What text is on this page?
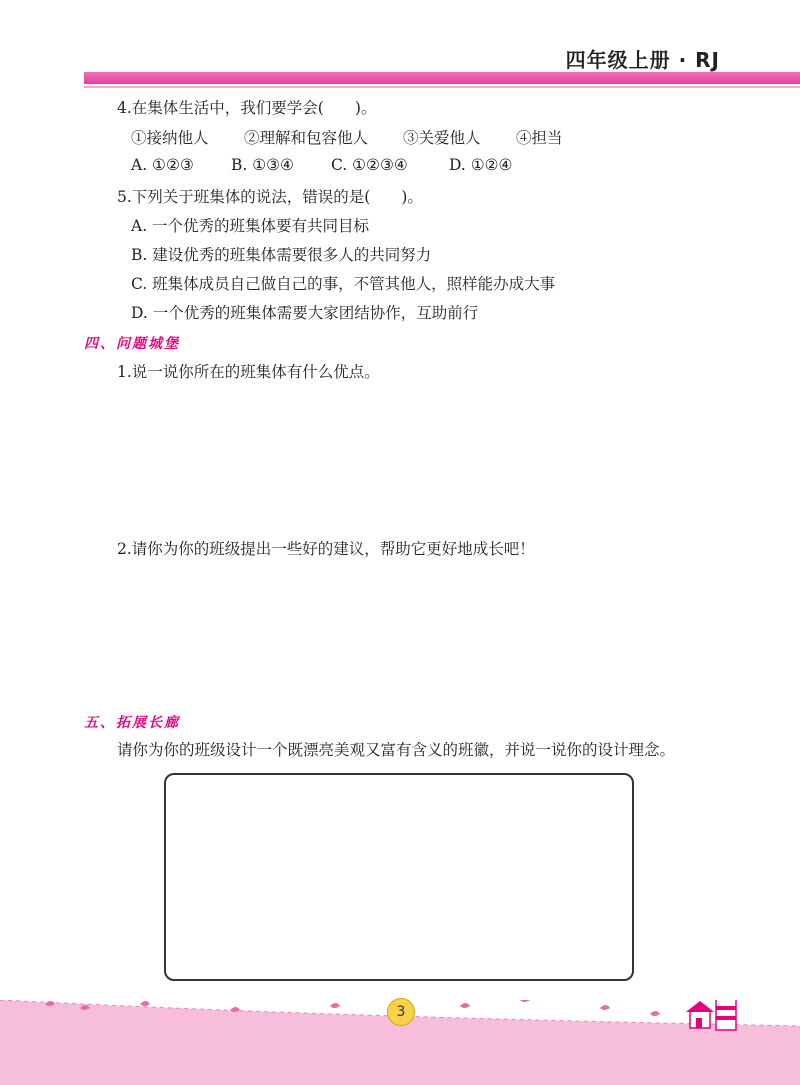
四年级上册 · RJ
4.在集体生活中，我们要学会(　　)。
①接纳他人 ②理解和包容他人 ③关爱他人 ④担当
A. ①②③ B. ①③④ C. ①②③④	D. ①②④
5.下列关于班集体的说法，错误的是(　　)。
A. 一个优秀的班集体要有共同目标
B. 建设优秀的班集体需要很多人的共同努力
C. 班集体成员自己做自己的事，不管其他人，照样能办成大事
D. 一个优秀的班集体需要大家团结协作，互助前行
四、问题城堡
1.说一说你所在的班集体有什么优点。
2.请你为你的班级提出一些好的建议，帮助它更好地成长吧！
五、拓展长廊
请你为你的班级设计一个既漂亮美观又富有含义的班徽，并说一说你的设计理念。
3
